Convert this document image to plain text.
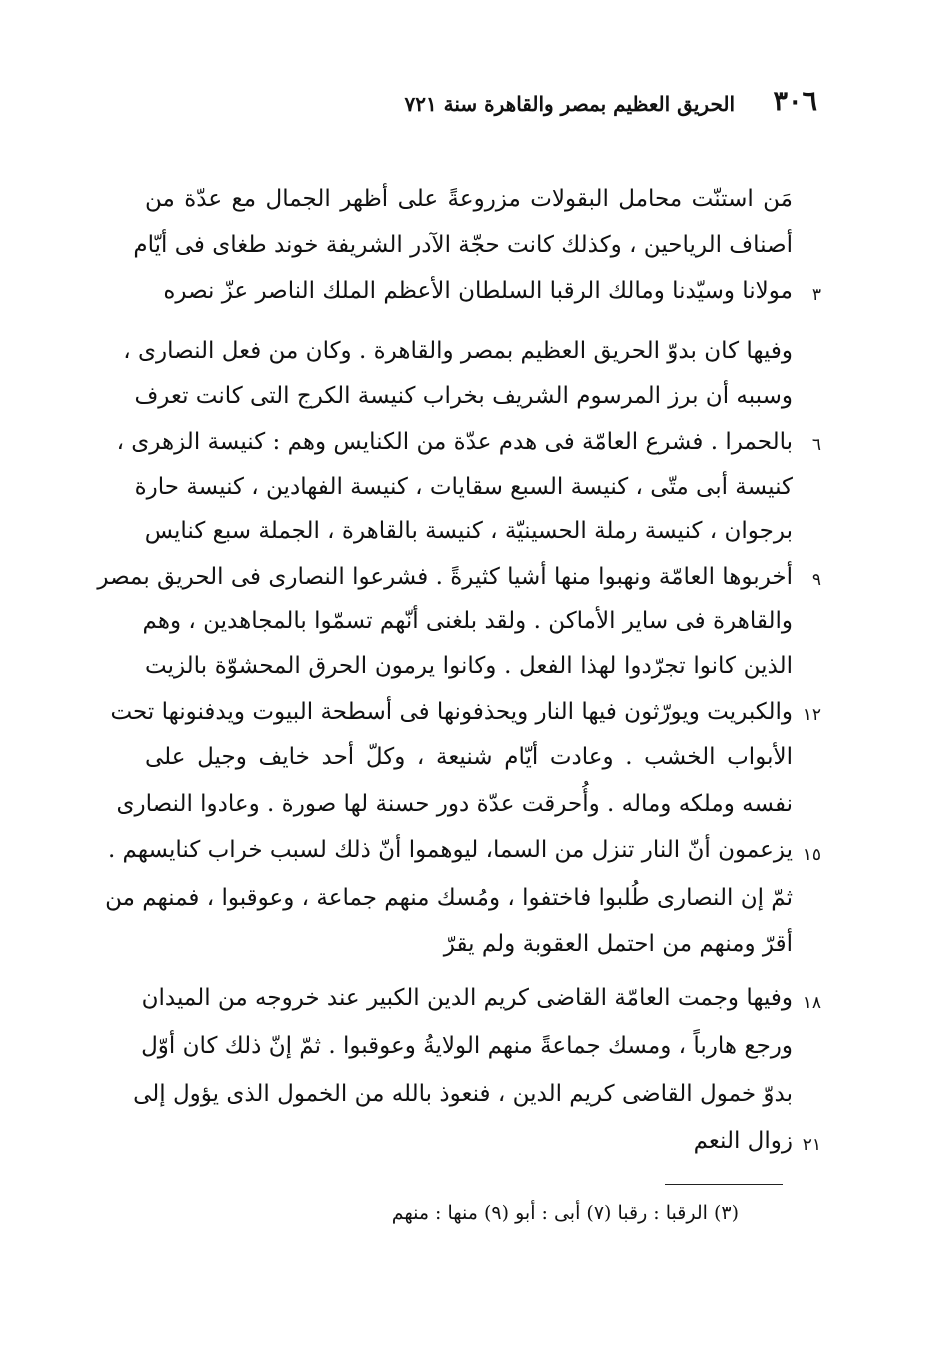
٣٠٦
الحريق العظيم بمصر والقاهرة سنة ٧٢١
مَن استنّت محامل البقولات مزروعةً على أظهر الجمال مع عدّة من
أصناف الرياحين ، وكذلك كانت حجّة الآدر الشريفة خوند طغاى فى أيّام
مولانا وسيّدنا ومالك الرقبا السلطان الأعظم الملك الناصر عزّ نصره
وفيها كان بدوّ الحريق العظيم بمصر والقاهرة . وكان من فعل النصارى ،
وسببه أن برز المرسوم الشريف بخراب كنيسة الكرج التى كانت تعرف
بالحمرا . فشرع العامّة فى هدم عدّة من الكنايس وهم : كنيسة الزهرى ،
كنيسة أبى متّى ، كنيسة السبع سقايات ، كنيسة الفهادين ، كنيسة حارة
برجوان ، كنيسة رملة الحسينيّة ، كنيسة بالقاهرة ، الجملة سبع كنايس
أخربوها العامّة ونهبوا منها أشيا كثيرةً . فشرعوا النصارى فى الحريق بمصر
والقاهرة فى ساير الأماكن . ولقد بلغنى أنّهم تسمّوا بالمجاهدين ، وهم
الذين كانوا تجرّدوا لهذا الفعل . وكانوا يرمون الحرق المحشوّة بالزيت
والكبريت ويورّثون فيها النار ويحذفونها فى أسطحة البيوت ويدفنونها تحت
الأبواب الخشب . وعادت أيّام شنيعة ، وكلّ أحد خايف وجيل على
نفسه وملكه وماله . وأُحرقت عدّة دور حسنة لها صورة . وعادوا النصارى
يزعمون أنّ النار تنزل من السما، ليوهموا أنّ ذلك لسبب خراب كنايسهم .
ثمّ إن النصارى طُلبوا فاختفوا ، ومُسك منهم جماعة ، وعوقبوا ، فمنهم من
أقرّ ومنهم من احتمل العقوبة ولم يقرّ
وفيها وجمت العامّة القاضى كريم الدين الكبير عند خروجه من الميدان
ورجع هارباً ، ومسك جماعةً منهم الولايةُ وعوقبوا . ثمّ إنّ ذلك كان أوّل
بدوّ خمول القاضى كريم الدين ، فنعوذ بالله من الخمول الذى يؤول إلى
زوال النعم
٣
٦
٩
١٢
١٥
١٨
٢١
(٣) الرقبا : رقبا (٧) أبى : أبو (٩) منها : منهم
